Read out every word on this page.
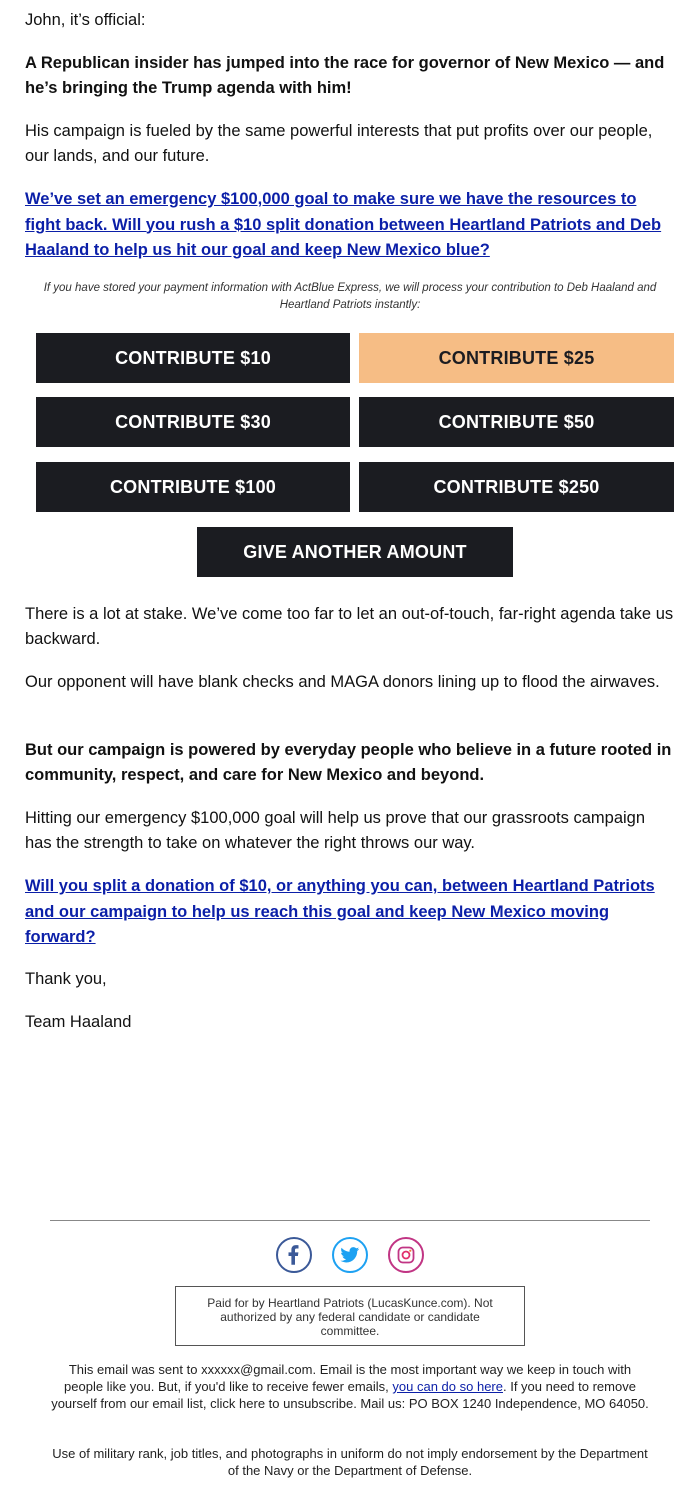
John, it’s official:

A Republican insider has jumped into the race for governor of New Mexico — and he’s bringing the Trump agenda with him!

His campaign is fueled by the same powerful interests that put profits over our people, our lands, and our future.

We’ve set an emergency $100,000 goal to make sure we have the resources to fight back. Will you rush a $10 split donation between Heartland Patriots and Deb Haaland to help us hit our goal and keep New Mexico blue?

If you have stored your payment information with ActBlue Express, we will process your contribution to Deb Haaland and Heartland Patriots instantly:
CONTRIBUTE $10	CONTRIBUTE $25
CONTRIBUTE $30	CONTRIBUTE $50
CONTRIBUTE $100	CONTRIBUTE $250
GIVE ANOTHER AMOUNT

There is a lot at stake. We’ve come too far to let an out-of-touch, far-right agenda take us backward.

Our opponent will have blank checks and MAGA donors lining up to flood the airwaves.

But our campaign is powered by everyday people who believe in a future rooted in community, respect, and care for New Mexico and beyond.

Hitting our emergency $100,000 goal will help us prove that our grassroots campaign has the strength to take on whatever the right throws our way.

Will you split a donation of $10, or anything you can, between Heartland Patriots and our campaign to help us reach this goal and keep New Mexico moving forward?

Thank you,

Team Haaland

Paid for by Heartland Patriots (LucasKunce.com). Not authorized by any federal candidate or candidate committee.
This email was sent to xxxxxx@gmail.com. Email is the most important way we keep in touch with people like you. But, if you'd like to receive fewer emails, you can do so here. If you need to remove yourself from our email list, click here to unsubscribe. Mail us: PO BOX 1240 Independence, MO 64050.
Use of military rank, job titles, and photographs in uniform do not imply endorsement by the Department of the Navy or the Department of Defense.
